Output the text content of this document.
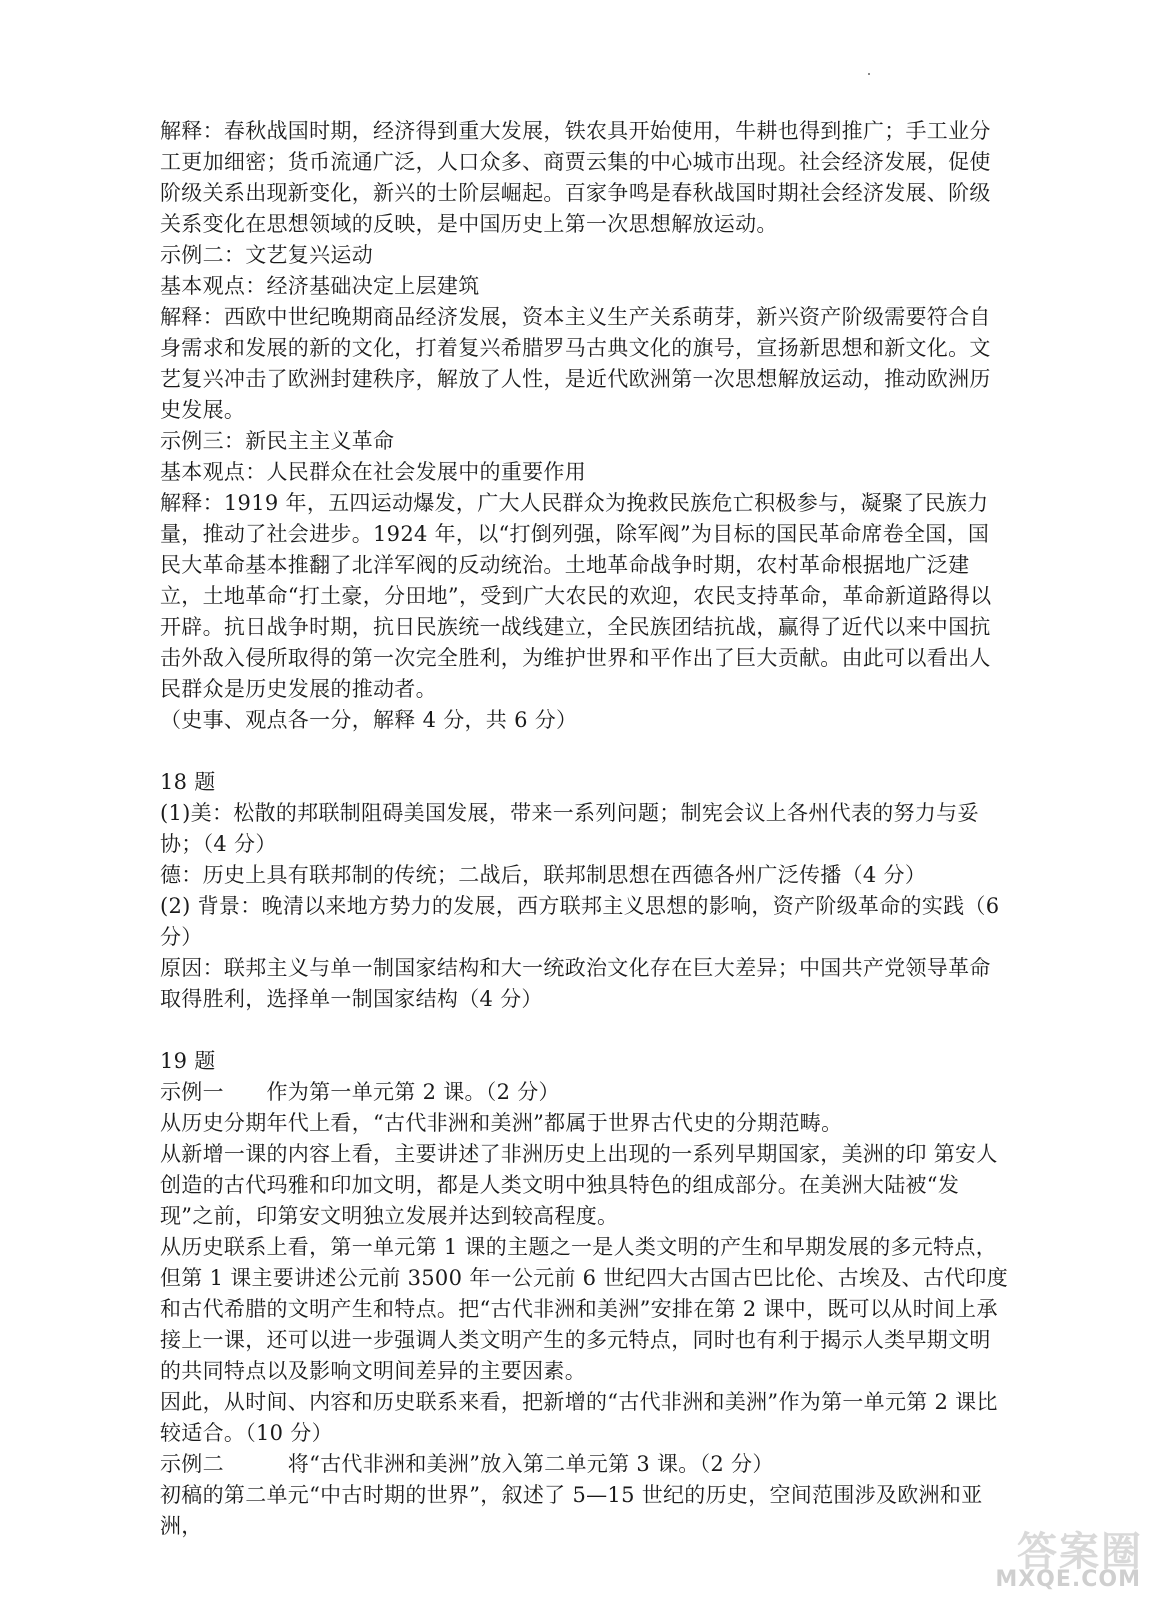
解释：春秋战国时期，经济得到重大发展，铁农具开始使用，牛耕也得到推广；手工业分工更加细密；货币流通广泛，人口众多、商贾云集的中心城市出现。社会经济发展，促使阶级关系出现新变化，新兴的士阶层崛起。百家争鸣是春秋战国时期社会经济发展、阶级关系变化在思想领域的反映，是中国历史上第一次思想解放运动。

示例二：文艺复兴运动

基本观点：经济基础决定上层建筑

解释：西欧中世纪晚期商品经济发展，资本主义生产关系萌芽，新兴资产阶级需要符合自身需求和发展的新的文化，打着复兴希腊罗马古典文化的旗号，宣扬新思想和新文化。文艺复兴冲击了欧洲封建秩序，解放了人性，是近代欧洲第一次思想解放运动，推动欧洲历史发展。

示例三：新民主主义革命

基本观点：人民群众在社会发展中的重要作用

解释：1919 年，五四运动爆发，广大人民群众为挽救民族危亡积极参与，凝聚了民族力量，推动了社会进步。1924 年，以“打倒列强，除军阀”为目标的国民革命席卷全国，国民大革命基本推翻了北洋军阀的反动统治。土地革命战争时期，农村革命根据地广泛建立，土地革命“打土豪，分田地”，受到广大农民的欢迎，农民支持革命，革命新道路得以开辟。抗日战争时期，抗日民族统一战线建立，全民族团结抗战，赢得了近代以来中国抗击外敌入侵所取得的第一次完全胜利，为维护世界和平作出了巨大贡献。由此可以看出人民群众是历史发展的推动者。

（史事、观点各一分，解释 4 分，共 6 分）

18 题

(1)美：松散的邦联制阻碍美国发展，带来一系列问题；制宪会议上各州代表的努力与妥协；（4 分）

德：历史上具有联邦制的传统；二战后，联邦制思想在西德各州广泛传播（4 分）

(2) 背景：晚清以来地方势力的发展，西方联邦主义思想的影响，资产阶级革命的实践（6 分）

原因：联邦主义与单一制国家结构和大一统政治文化存在巨大差异；中国共产党领导革命取得胜利，选择单一制国家结构（4 分）

19 题

示例一　　作为第一单元第 2 课。（2 分）

从历史分期年代上看，“古代非洲和美洲”都属于世界古代史的分期范畴。

从新增一课的内容上看，主要讲述了非洲历史上出现的一系列早期国家，美洲的印 第安人创造的古代玛雅和印加文明，都是人类文明中独具特色的组成部分。在美洲大陆被“发现”之前，印第安文明独立发展并达到较高程度。

从历史联系上看，第一单元第 1 课的主题之一是人类文明的产生和早期发展的多元特点，但第 1 课主要讲述公元前 3500 年一公元前 6 世纪四大古国古巴比伦、古埃及、古代印度和古代希腊的文明产生和特点。把“古代非洲和美洲”安排在第 2 课中，既可以从时间上承接上一课，还可以进一步强调人类文明产生的多元特点，同时也有利于揭示人类早期文明的共同特点以及影响文明间差异的主要因素。

因此，从时间、内容和历史联系来看，把新增的“古代非洲和美洲”作为第一单元第 2 课比较适合。（10 分）

示例二　　　将“古代非洲和美洲”放入第二单元第 3 课。（2 分）

初稿的第二单元“中古时期的世界”，叙述了 5—15 世纪的历史，空间范围涉及欧洲和亚洲，

答案圈
MXQE.COM
